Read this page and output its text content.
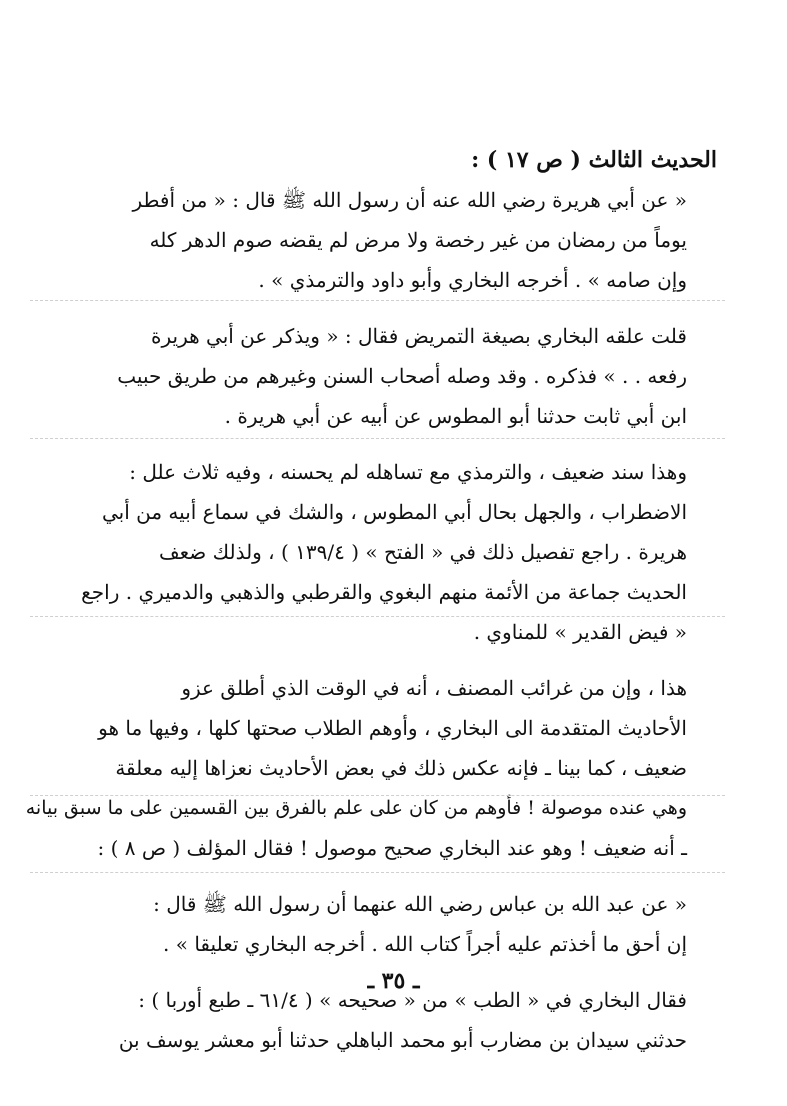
الحديث الثالث ( ص ١٧ ) :

« عن أبي هريرة رضي الله عنه أن رسول الله ﷺ قال : « من أفطر

يوماً من رمضان من غير رخصة ولا مرض لم يقضه صوم الدهر كله

وإن صامه » . أخرجه البخاري وأبو داود والترمذي » .

قلت علقه البخاري بصيغة التمريض فقال : « ويذكر عن أبي هريرة

رفعه . . » فذكره . وقد وصله أصحاب السنن وغيرهم من طريق حبيب

ابن أبي ثابت حدثنا أبو المطوس عن أبيه عن أبي هريرة .

وهذا سند ضعيف ، والترمذي مع تساهله لم يحسنه ، وفيه ثلاث علل :

الاضطراب ، والجهل بحال أبي المطوس ، والشك في سماع أبيه من أبي

هريرة . راجع تفصيل ذلك في « الفتح » ( ١٣٩/٤ ) ، ولذلك ضعف

الحديث جماعة من الأئمة منهم البغوي والقرطبي والذهبي والدميري . راجع

« فيض القدير » للمناوي .

هذا ، وإن من غرائب المصنف ، أنه في الوقت الذي أطلق عزو

الأحاديث المتقدمة الى البخاري ، وأوهم الطلاب صحتها كلها ، وفيها ما هو

ضعيف ، كما بينا ـ فإنه عكس ذلك في بعض الأحاديث نعزاها إليه معلقة

وهي عنده موصولة ! فأوهم من كان على علم بالفرق بين القسمين على ما سبق بيانه

ـ أنه ضعيف ! وهو عند البخاري صحيح موصول ! فقال المؤلف ( ص ٨ ) :

« عن عبد الله بن عباس رضي الله عنهما أن رسول الله ﷺ قال :

إن أحق ما أخذتم عليه أجراً كتاب الله . أخرجه البخاري تعليقا » .

فقال البخاري في « الطب » من « صحيحه » ( ٦١/٤ ـ طبع أوربا ) :

حدثني سيدان بن مضارب أبو محمد الباهلي حدثنا أبو معشر يوسف بن

ـ ٣٥ ـ
